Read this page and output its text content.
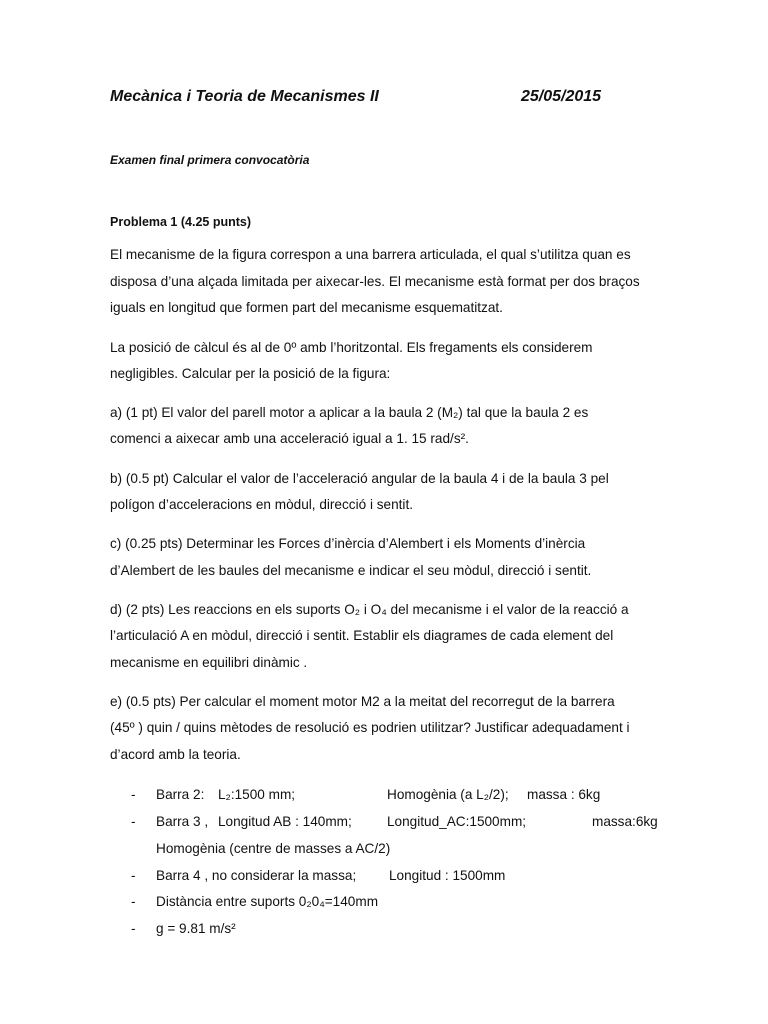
Mecànica i Teoria de Mecanismes II	25/05/2015
Examen final primera convocatòria
Problema 1 (4.25 punts)
El mecanisme de la figura correspon a una barrera articulada, el qual s’utilitza quan es
disposa d’una alçada limitada per aixecar-les. El mecanisme està format per dos braços
iguals en longitud que formen part del mecanisme esquematitzat.
La posició de càlcul és al de 0º amb l’horitzontal. Els fregaments els considerem
negligibles. Calcular per la posició de la figura:
a) (1 pt) El valor del parell motor a aplicar a la baula 2 (M₂) tal que la baula 2 es
comenci a aixecar amb una acceleració igual a 1. 15 rad/s².
b) (0.5 pt) Calcular el valor de l’acceleració angular de la baula 4 i de la baula 3 pel
polígon d’acceleracions en mòdul, direcció i sentit.
c) (0.25 pts) Determinar les Forces d’inèrcia d’Alembert i els Moments d’inèrcia
d’Alembert de les baules del mecanisme e indicar el seu mòdul, direcció i sentit.
d) (2 pts) Les reaccions en els suports O₂ i O₄ del mecanisme i el valor de la reacció a
l’articulació A en mòdul, direcció i sentit. Establir els diagrames de cada element del
mecanisme en equilibri dinàmic .
e) (0.5 pts) Per calcular el moment motor M2 a la meitat del recorregut de la barrera
(45º ) quin / quins mètodes de resolució es podrien utilitzar? Justificar adequadament i
d’acord amb la teoria.
- Barra 2: L₂:1500 mm;	Homogènia (a L₂/2); massa : 6kg
- Barra 3 , Longitud AB : 140mm;	Longitud_AC:1500mm;	massa:6kg
Homogènia (centre de masses a AC/2)
- Barra 4 , no considerar la massa; Longitud : 1500mm
- Distància entre suports 0₂0₄=140mm
- g = 9.81 m/s²
